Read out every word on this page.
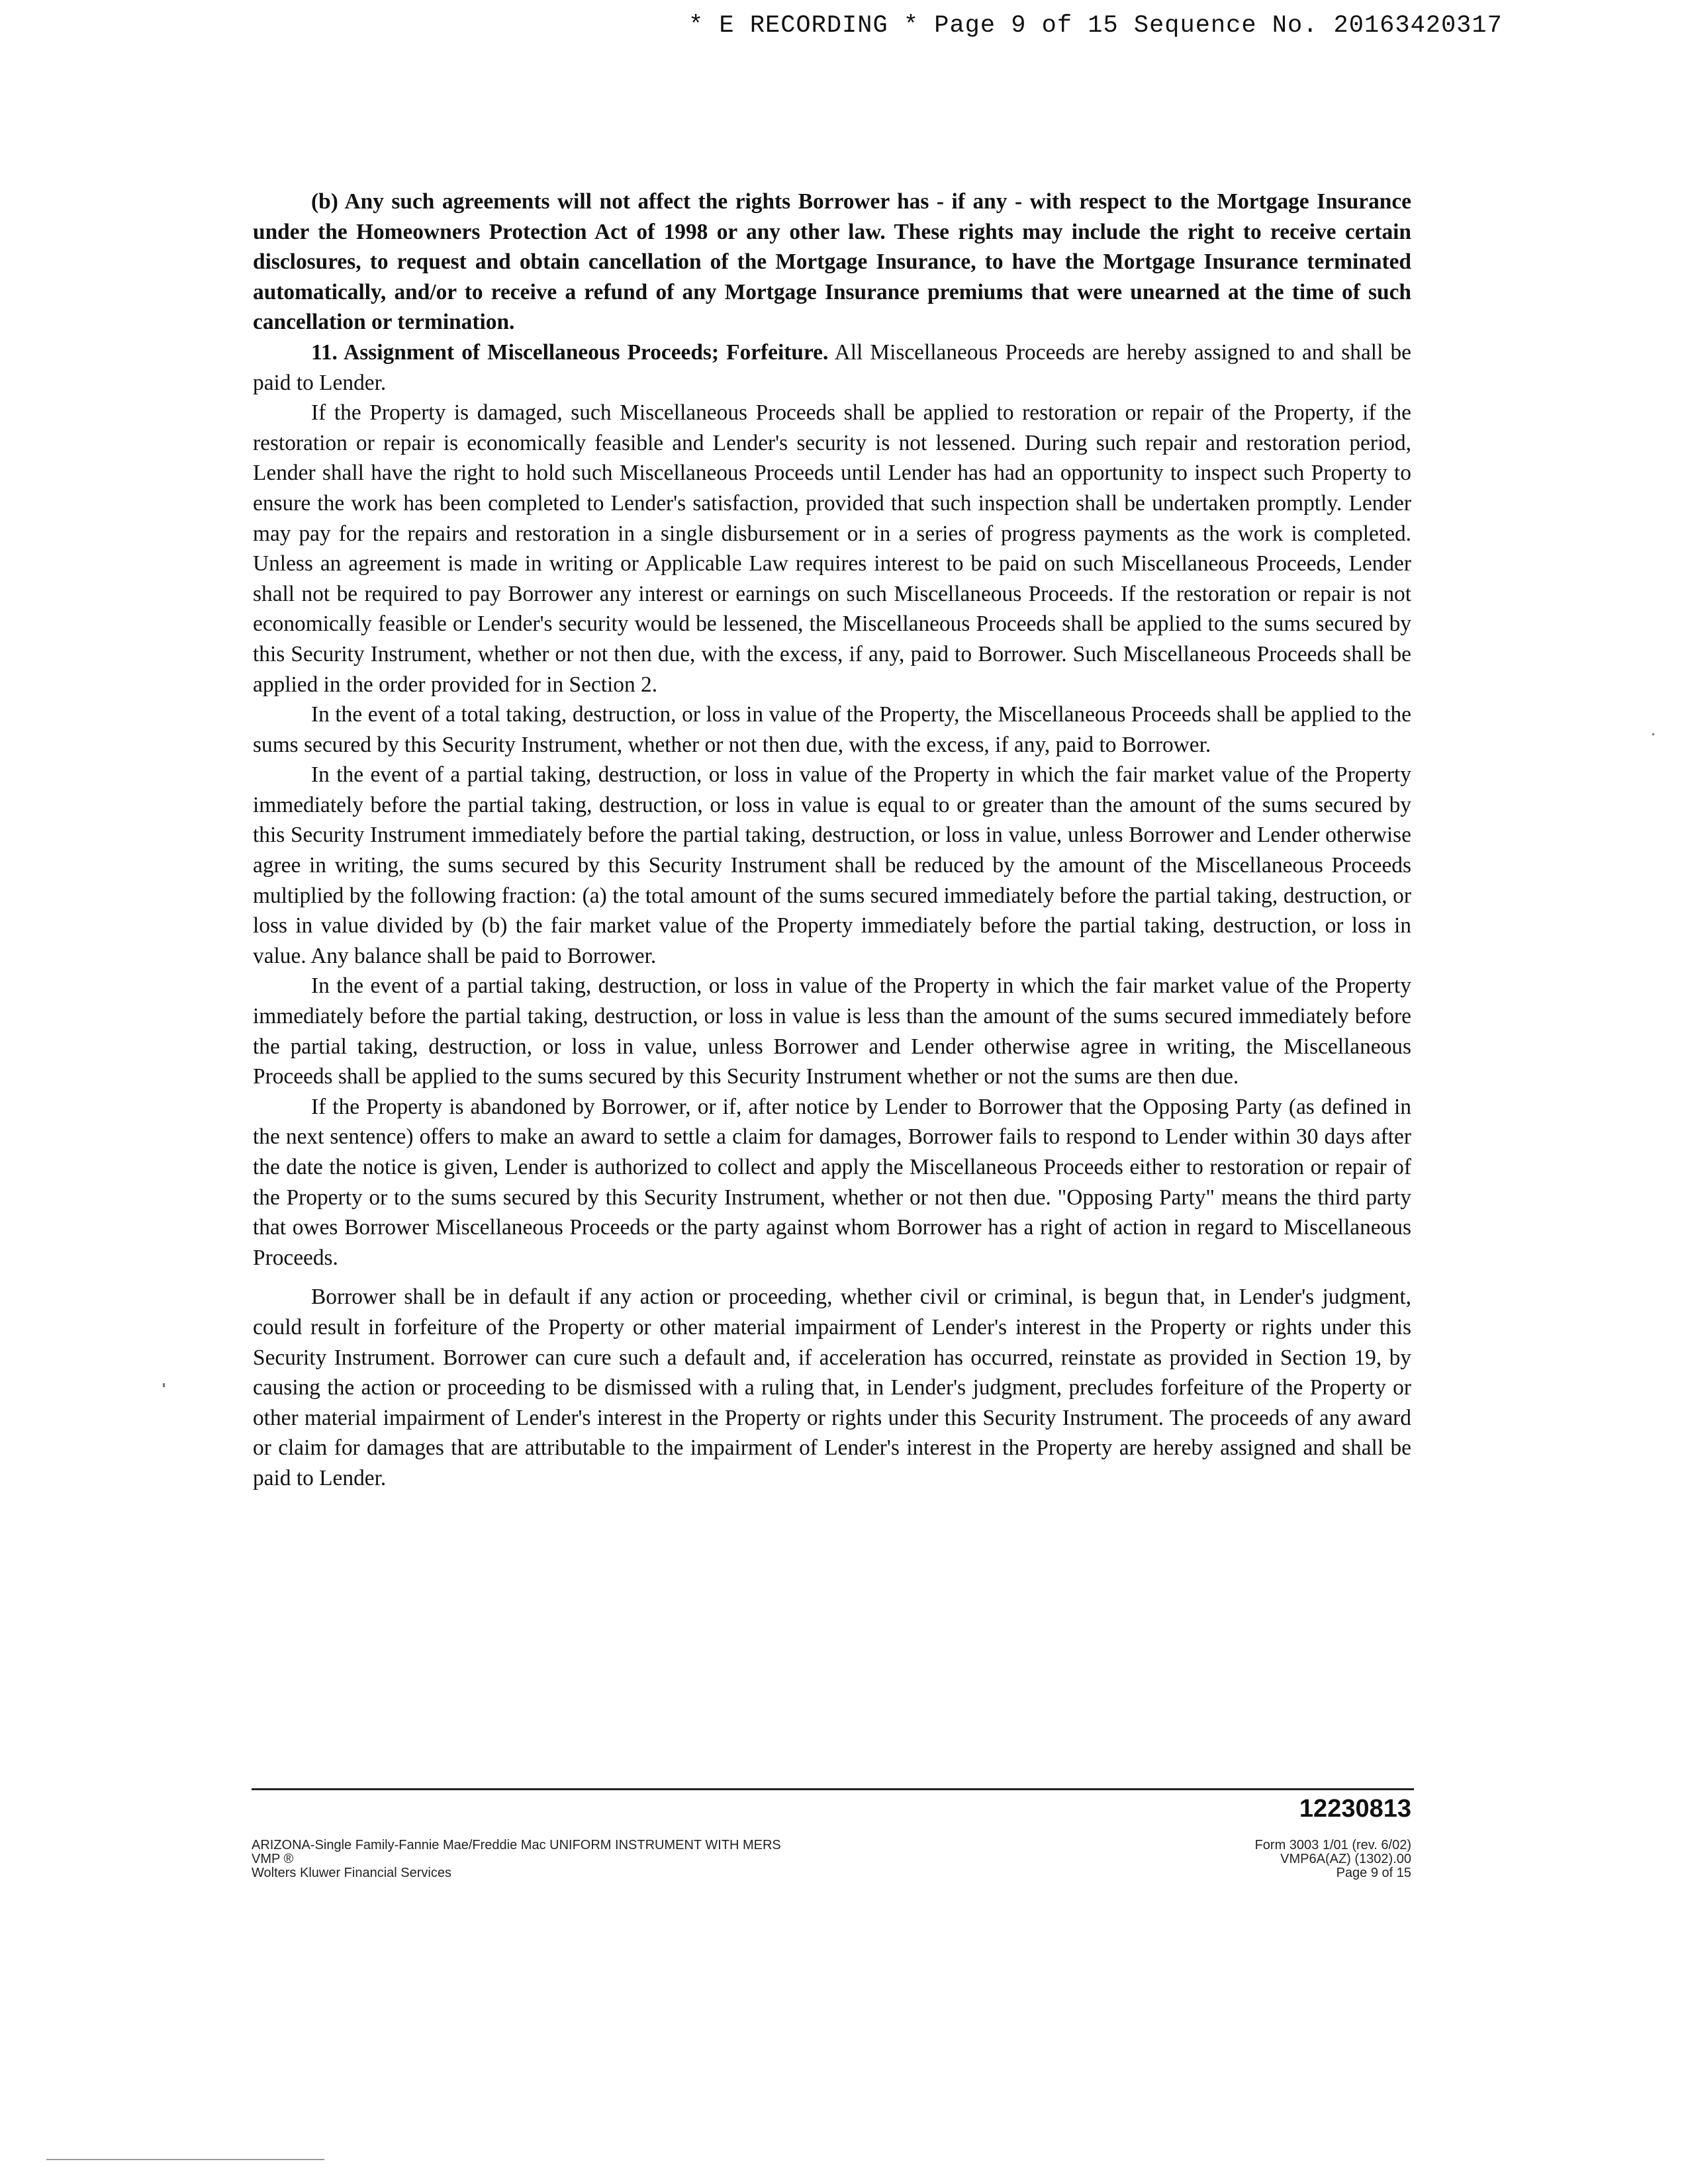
* E RECORDING * Page 9 of 15 Sequence No. 20163420317

(b) Any such agreements will not affect the rights Borrower has - if any - with respect to the Mortgage Insurance under the Homeowners Protection Act of 1998 or any other law. These rights may include the right to receive certain disclosures, to request and obtain cancellation of the Mortgage Insurance, to have the Mortgage Insurance terminated automatically, and/or to receive a refund of any Mortgage Insurance premiums that were unearned at the time of such cancellation or termination.

11. Assignment of Miscellaneous Proceeds; Forfeiture. All Miscellaneous Proceeds are hereby assigned to and shall be paid to Lender.

If the Property is damaged, such Miscellaneous Proceeds shall be applied to restoration or repair of the Property, if the restoration or repair is economically feasible and Lender's security is not lessened. During such repair and restoration period, Lender shall have the right to hold such Miscellaneous Proceeds until Lender has had an opportunity to inspect such Property to ensure the work has been completed to Lender's satisfaction, provided that such inspection shall be undertaken promptly. Lender may pay for the repairs and restoration in a single disbursement or in a series of progress payments as the work is completed. Unless an agreement is made in writing or Applicable Law requires interest to be paid on such Miscellaneous Proceeds, Lender shall not be required to pay Borrower any interest or earnings on such Miscellaneous Proceeds. If the restoration or repair is not economically feasible or Lender's security would be lessened, the Miscellaneous Proceeds shall be applied to the sums secured by this Security Instrument, whether or not then due, with the excess, if any, paid to Borrower. Such Miscellaneous Proceeds shall be applied in the order provided for in Section 2.

In the event of a total taking, destruction, or loss in value of the Property, the Miscellaneous Proceeds shall be applied to the sums secured by this Security Instrument, whether or not then due, with the excess, if any, paid to Borrower.

In the event of a partial taking, destruction, or loss in value of the Property in which the fair market value of the Property immediately before the partial taking, destruction, or loss in value is equal to or greater than the amount of the sums secured by this Security Instrument immediately before the partial taking, destruction, or loss in value, unless Borrower and Lender otherwise agree in writing, the sums secured by this Security Instrument shall be reduced by the amount of the Miscellaneous Proceeds multiplied by the following fraction: (a) the total amount of the sums secured immediately before the partial taking, destruction, or loss in value divided by (b) the fair market value of the Property immediately before the partial taking, destruction, or loss in value. Any balance shall be paid to Borrower.

In the event of a partial taking, destruction, or loss in value of the Property in which the fair market value of the Property immediately before the partial taking, destruction, or loss in value is less than the amount of the sums secured immediately before the partial taking, destruction, or loss in value, unless Borrower and Lender otherwise agree in writing, the Miscellaneous Proceeds shall be applied to the sums secured by this Security Instrument whether or not the sums are then due.

If the Property is abandoned by Borrower, or if, after notice by Lender to Borrower that the Opposing Party (as defined in the next sentence) offers to make an award to settle a claim for damages, Borrower fails to respond to Lender within 30 days after the date the notice is given, Lender is authorized to collect and apply the Miscellaneous Proceeds either to restoration or repair of the Property or to the sums secured by this Security Instrument, whether or not then due. "Opposing Party" means the third party that owes Borrower Miscellaneous Proceeds or the party against whom Borrower has a right of action in regard to Miscellaneous Proceeds.

Borrower shall be in default if any action or proceeding, whether civil or criminal, is begun that, in Lender's judgment, could result in forfeiture of the Property or other material impairment of Lender's interest in the Property or rights under this Security Instrument. Borrower can cure such a default and, if acceleration has occurred, reinstate as provided in Section 19, by causing the action or proceeding to be dismissed with a ruling that, in Lender's judgment, precludes forfeiture of the Property or other material impairment of Lender's interest in the Property or rights under this Security Instrument. The proceeds of any award or claim for damages that are attributable to the impairment of Lender's interest in the Property are hereby assigned and shall be paid to Lender.

12230813
ARIZONA-Single Family-Fannie Mae/Freddie Mac UNIFORM INSTRUMENT WITH MERS
VMP ®
Wolters Kluwer Financial Services
Form 3003 1/01 (rev. 6/02)
VMP6A(AZ) (1302).00
Page 9 of 15
